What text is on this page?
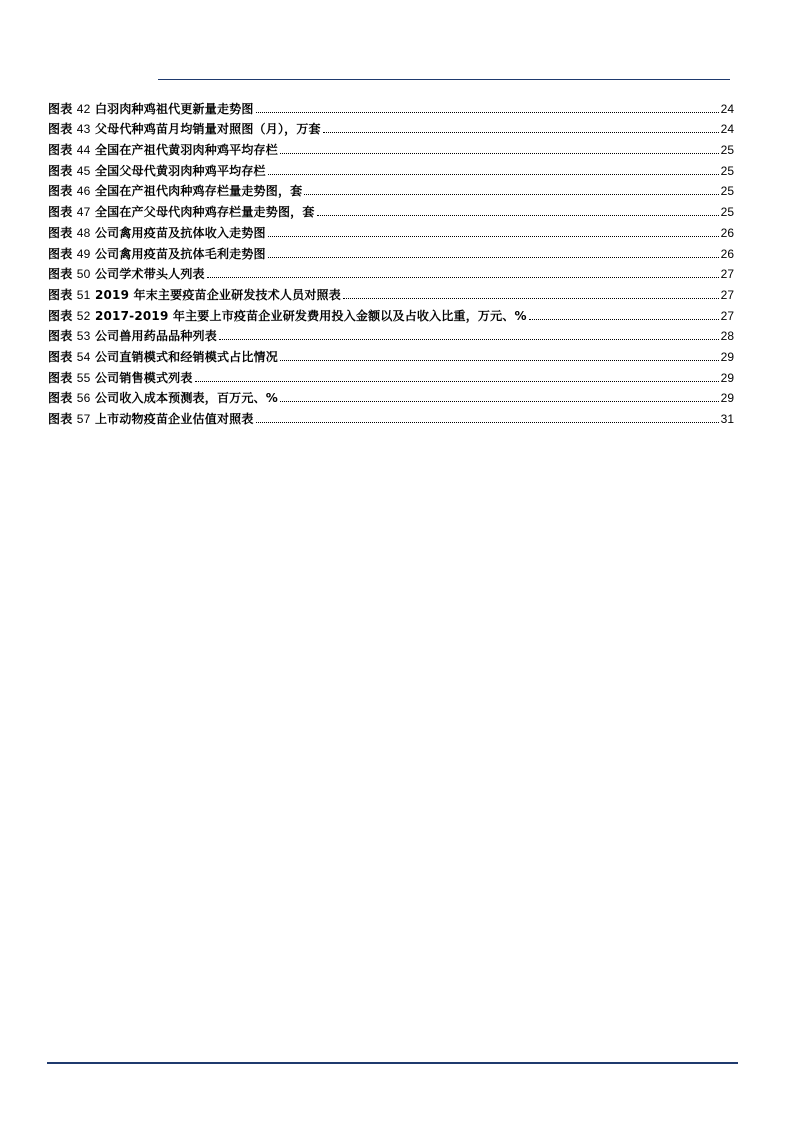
图表 42 白羽肉种鸡祖代更新量走势图	24
图表 43 父母代种鸡苗月均销量对照图（月），万套	24
图表 44 全国在产祖代黄羽肉种鸡平均存栏	25
图表 45 全国父母代黄羽肉种鸡平均存栏	25
图表 46 全国在产祖代肉种鸡存栏量走势图，套	25
图表 47 全国在产父母代肉种鸡存栏量走势图，套	25
图表 48 公司禽用疫苗及抗体收入走势图	26
图表 49 公司禽用疫苗及抗体毛利走势图	26
图表 50 公司学术带头人列表	27
图表 51 2019 年末主要疫苗企业研发技术人员对照表	27
图表 52 2017-2019 年主要上市疫苗企业研发费用投入金额以及占收入比重，万元、%	27
图表 53 公司兽用药品品种列表	28
图表 54 公司直销模式和经销模式占比情况	29
图表 55 公司销售模式列表	29
图表 56 公司收入成本预测表，百万元、%	29
图表 57 上市动物疫苗企业估值对照表	31
